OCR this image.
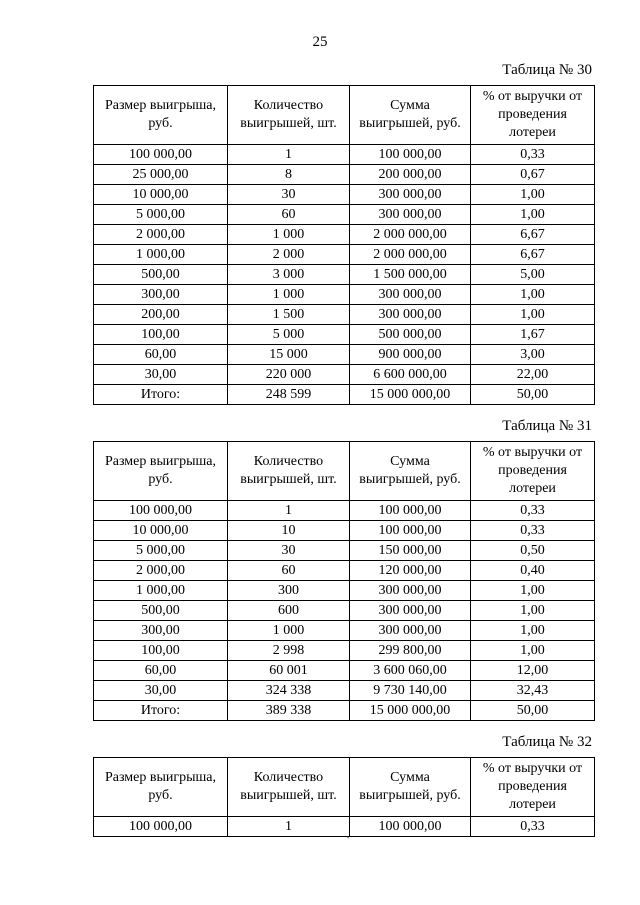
25
Таблица № 30
Размер выигрыша, руб.	Количество выигрышей, шт.	Сумма выигрышей, руб.	% от выручки от проведения лотереи
100 000,00	1	100 000,00	0,33
25 000,00	8	200 000,00	0,67
10 000,00	30	300 000,00	1,00
5 000,00	60	300 000,00	1,00
2 000,00	1 000	2 000 000,00	6,67
1 000,00	2 000	2 000 000,00	6,67
500,00	3 000	1 500 000,00	5,00
300,00	1 000	300 000,00	1,00
200,00	1 500	300 000,00	1,00
100,00	5 000	500 000,00	1,67
60,00	15 000	900 000,00	3,00
30,00	220 000	6 600 000,00	22,00
Итого:	248 599	15 000 000,00	50,00
Таблица № 31
Размер выигрыша, руб.	Количество выигрышей, шт.	Сумма выигрышей, руб.	% от выручки от проведения лотереи
100 000,00	1	100 000,00	0,33
10 000,00	10	100 000,00	0,33
5 000,00	30	150 000,00	0,50
2 000,00	60	120 000,00	0,40
1 000,00	300	300 000,00	1,00
500,00	600	300 000,00	1,00
300,00	1 000	300 000,00	1,00
100,00	2 998	299 800,00	1,00
60,00	60 001	3 600 060,00	12,00
30,00	324 338	9 730 140,00	32,43
Итого:	389 338	15 000 000,00	50,00
Таблица № 32
Размер выигрыша, руб.	Количество выигрышей, шт.	Сумма выигрышей, руб.	% от выручки от проведения лотереи
100 000,00	1	100 000,00	0,33
`
